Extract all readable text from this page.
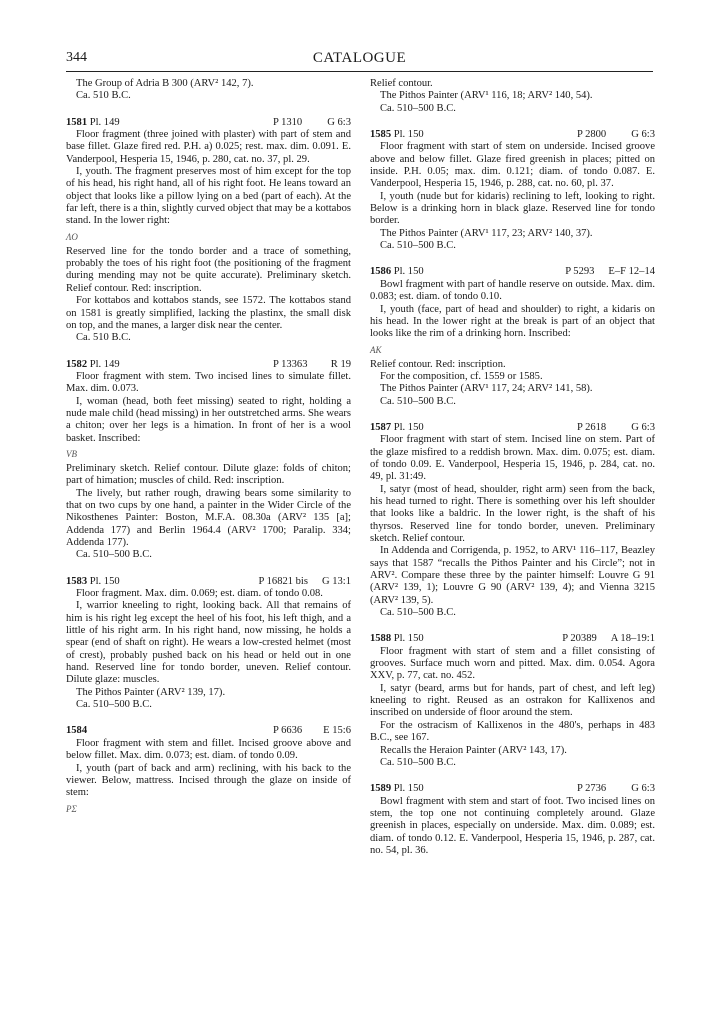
344	CATALOGUE

The Group of Adria B 300 (ARV² 142, 7).

Ca. 510 B.C.

1581 Pl. 149	P 1310 G 6:3

Floor fragment (three joined with plaster) with part of stem and base fillet. Glaze fired red. P.H. a) 0.025; rest. max. dim. 0.091. E. Vanderpool, Hesperia 15, 1946, p. 280, cat. no. 37, pl. 29.

I, youth. The fragment preserves most of him except for the top of his head, his right hand, all of his right foot. He leans toward an object that looks like a pillow lying on a bed (part of each). At the far left, there is a thin, slightly curved object that may be a kottabos stand. In the lower right:

ΛO

Reserved line for the tondo border and a trace of something, probably the toes of his right foot (the positioning of the fragment during mending may not be quite accurate). Preliminary sketch. Relief contour. Red: inscription.

For kottabos and kottabos stands, see 1572. The kottabos stand on 1581 is greatly simplified, lacking the plastinx, the small disk on top, and the manes, a larger disk near the center.

Ca. 510 B.C.

1582 Pl. 149	P 13363 R 19

Floor fragment with stem. Two incised lines to simulate fillet. Max. dim. 0.073.

I, woman (head, both feet missing) seated to right, holding a nude male child (head missing) in her outstretched arms. She wears a chiton; over her legs is a himation. In front of her is a wool basket. Inscribed:

VB

Preliminary sketch. Relief contour. Dilute glaze: folds of chiton; part of himation; muscles of child. Red: inscription.

The lively, but rather rough, drawing bears some similarity to that on two cups by one hand, a painter in the Wider Circle of the Nikosthenes Painter: Boston, M.F.A. 08.30a (ARV² 135 [a]; Addenda 177) and Berlin 1964.4 (ARV² 1700; Paralip. 334; Addenda 177).

Ca. 510–500 B.C.

1583 Pl. 150	P 16821 bis G 13:1

Floor fragment. Max. dim. 0.069; est. diam. of tondo 0.08.

I, warrior kneeling to right, looking back. All that remains of him is his right leg except the heel of his foot, his left thigh, and a little of his right arm. In his right hand, now missing, he holds a spear (end of shaft on right). He wears a low-crested helmet (most of crest), probably pushed back on his head or held out in one hand. Reserved line for tondo border, uneven. Relief contour. Dilute glaze: muscles.

The Pithos Painter (ARV² 139, 17).

Ca. 510–500 B.C.

1584	P 6636 E 15:6

Floor fragment with stem and fillet. Incised groove above and below fillet. Max. dim. 0.073; est. diam. of tondo 0.09.

I, youth (part of back and arm) reclining, with his back to the viewer. Below, mattress. Incised through the glaze on inside of stem:

PΣ

Relief contour.

The Pithos Painter (ARV¹ 116, 18; ARV² 140, 54).

Ca. 510–500 B.C.

1585 Pl. 150	P 2800 G 6:3

Floor fragment with start of stem on underside. Incised groove above and below fillet. Glaze fired greenish in places; pitted on inside. P.H. 0.05; max. dim. 0.121; diam. of tondo 0.087. E. Vanderpool, Hesperia 15, 1946, p. 288, cat. no. 60, pl. 37.

I, youth (nude but for kidaris) reclining to left, looking to right. Below is a drinking horn in black glaze. Reserved line for tondo border.

The Pithos Painter (ARV¹ 117, 23; ARV² 140, 37).

Ca. 510–500 B.C.

1586 Pl. 150	P 5293 E–F 12–14

Bowl fragment with part of handle reserve on outside. Max. dim. 0.083; est. diam. of tondo 0.10.

I, youth (face, part of head and shoulder) to right, a kidaris on his head. In the lower right at the break is part of an object that looks like the rim of a drinking horn. Inscribed:

AK

Relief contour. Red: inscription.

For the composition, cf. 1559 or 1585.

The Pithos Painter (ARV¹ 117, 24; ARV² 141, 58).

Ca. 510–500 B.C.

1587 Pl. 150	P 2618 G 6:3

Floor fragment with start of stem. Incised line on stem. Part of the glaze misfired to a reddish brown. Max. dim. 0.075; est. diam. of tondo 0.09. E. Vanderpool, Hesperia 15, 1946, p. 284, cat. no. 49, pl. 31:49.

I, satyr (most of head, shoulder, right arm) seen from the back, his head turned to right. There is something over his left shoulder that looks like a baldric. In the lower right, is the shaft of his thyrsos. Reserved line for tondo border, uneven. Preliminary sketch. Relief contour.

In Addenda and Corrigenda, p. 1952, to ARV¹ 116–117, Beazley says that 1587 “recalls the Pithos Painter and his Circle”; not in ARV². Compare these three by the painter himself: Louvre G 91 (ARV² 139, 1); Louvre G 90 (ARV² 139, 4); and Vienna 3215 (ARV² 139, 5).

Ca. 510–500 B.C.

1588 Pl. 150	P 20389 A 18–19:1

Floor fragment with start of stem and a fillet consisting of grooves. Surface much worn and pitted. Max. dim. 0.054. Agora XXV, p. 77, cat. no. 452.

I, satyr (beard, arms but for hands, part of chest, and left leg) kneeling to right. Reused as an ostrakon for Kallixenos and inscribed on underside of floor around the stem.

For the ostracism of Kallixenos in the 480's, perhaps in 483 B.C., see 167.

Recalls the Heraion Painter (ARV² 143, 17).

Ca. 510–500 B.C.

1589 Pl. 150	P 2736 G 6:3

Bowl fragment with stem and start of foot. Two incised lines on stem, the top one not continuing completely around. Glaze greenish in places, especially on underside. Max. dim. 0.089; est. diam. of tondo 0.12. E. Vanderpool, Hesperia 15, 1946, p. 287, cat. no. 54, pl. 36.
